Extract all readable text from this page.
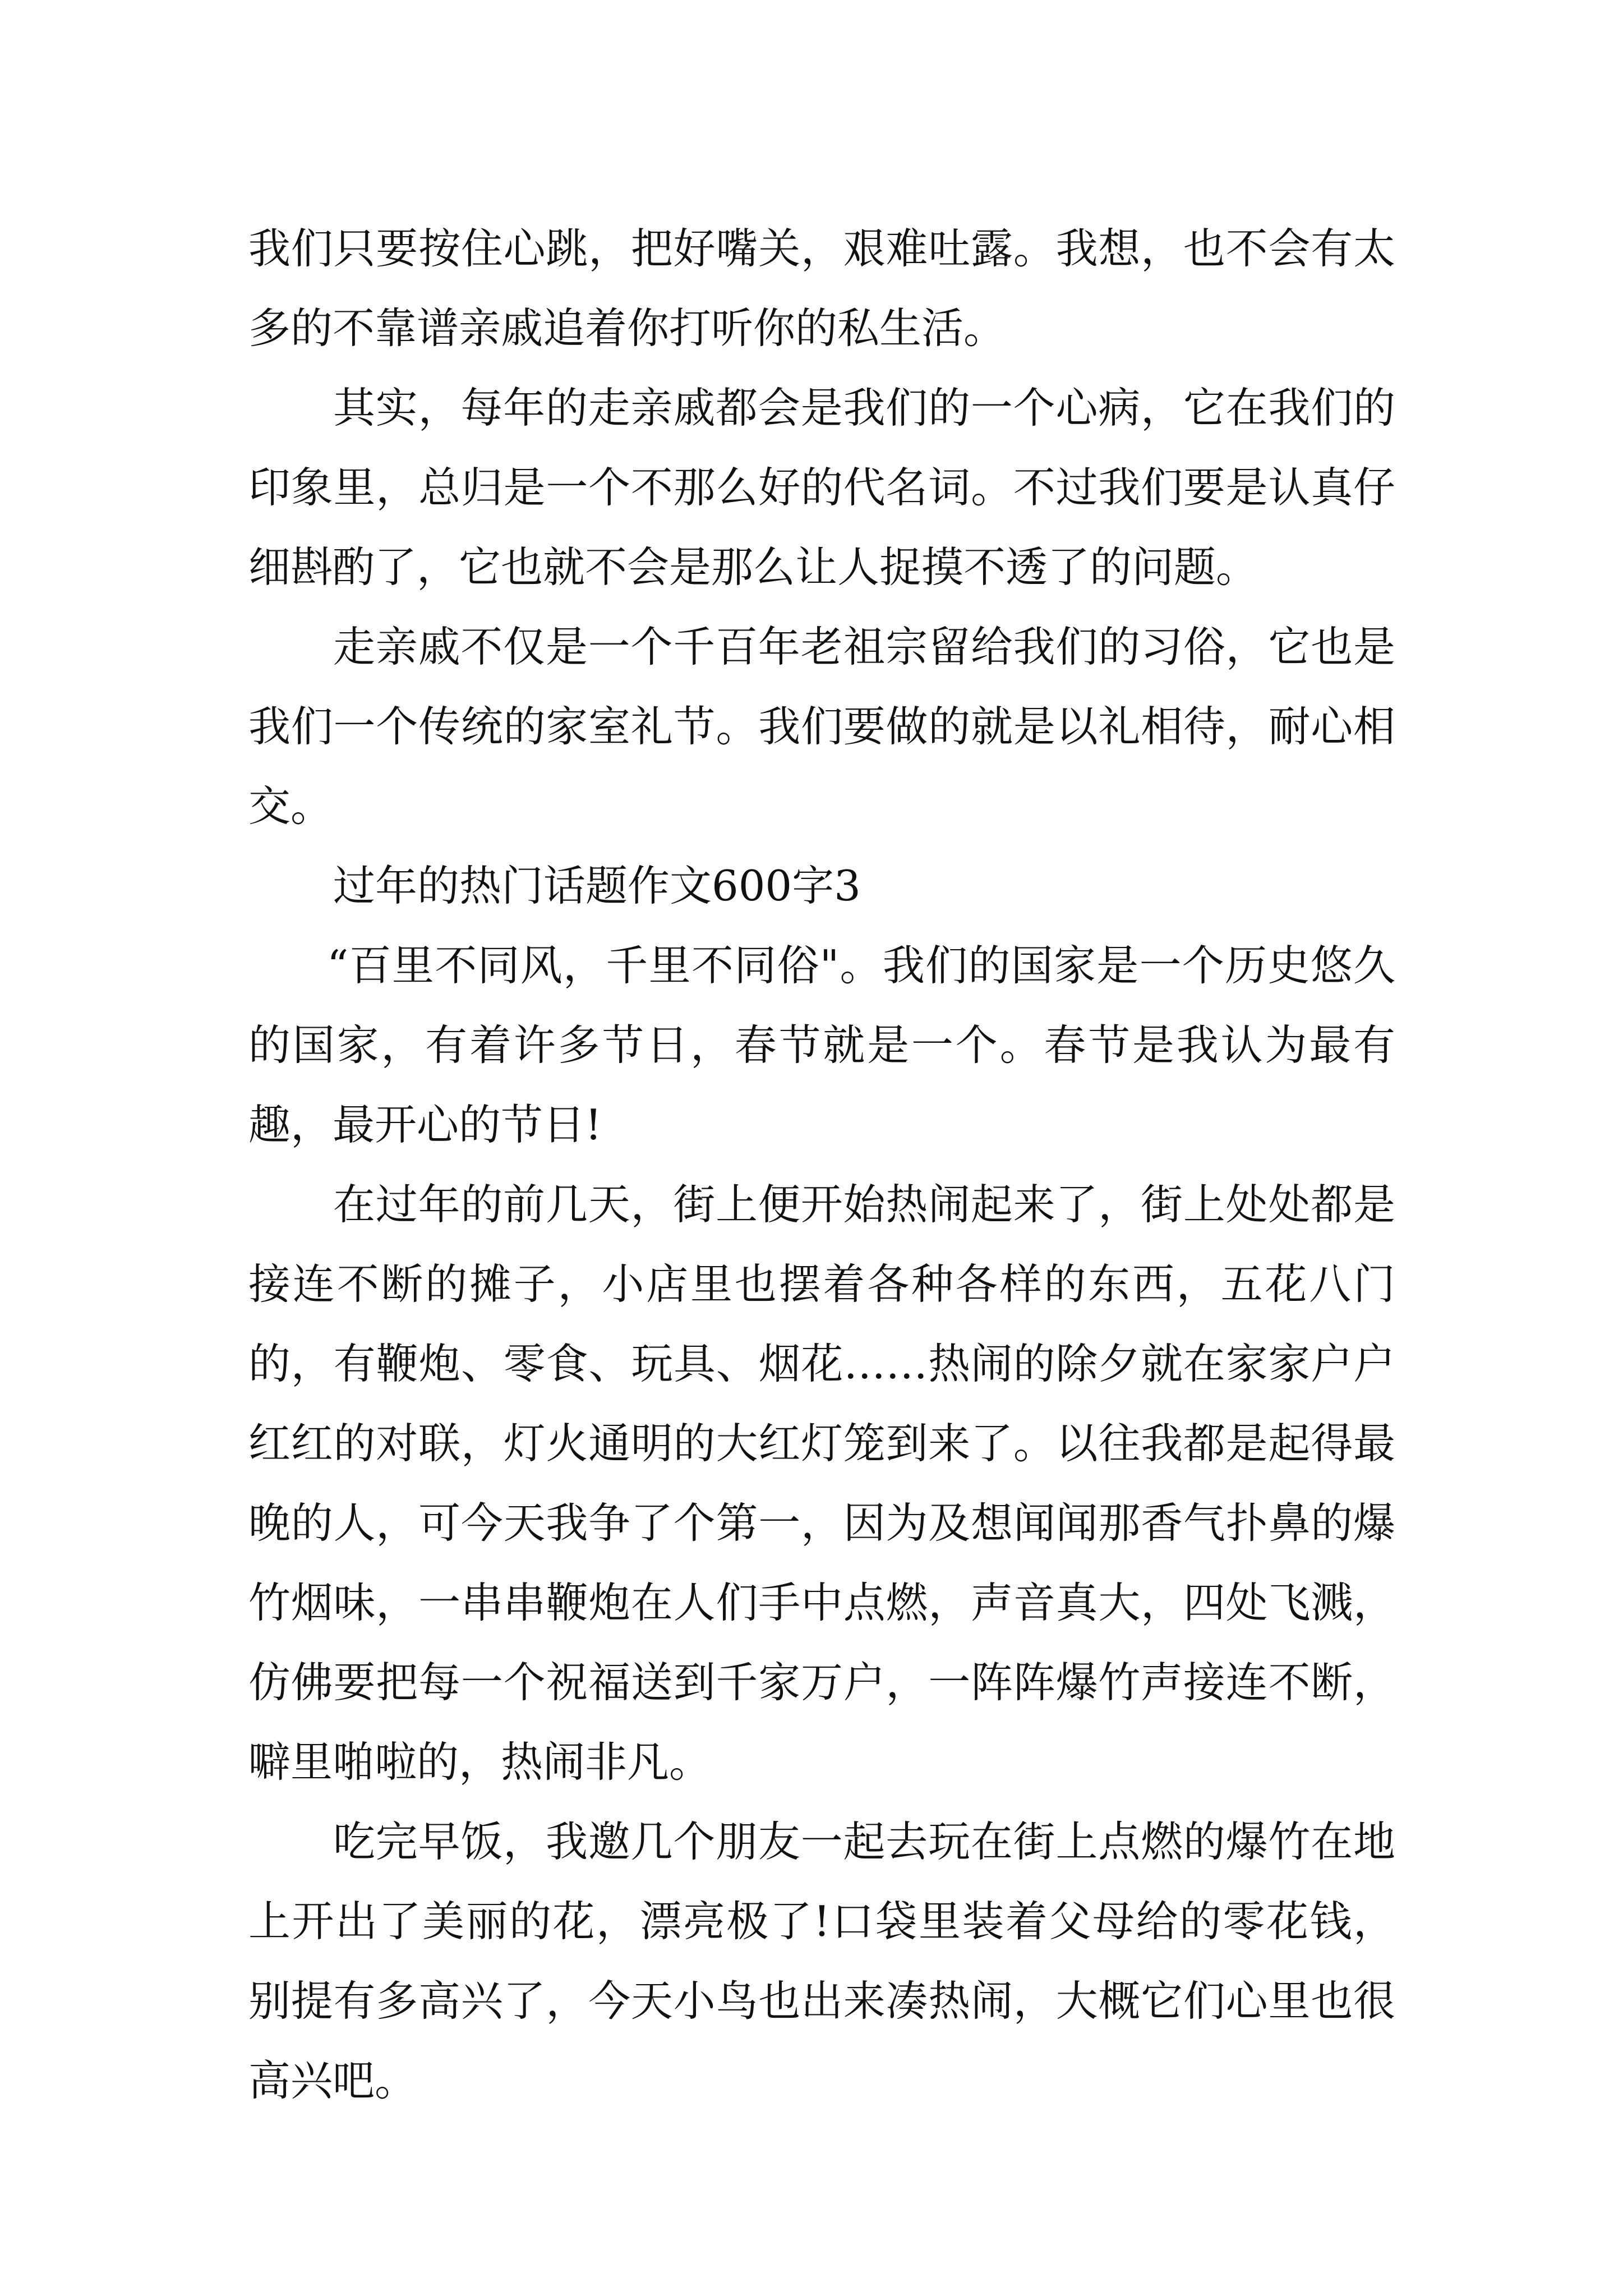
我们只要按住心跳，把好嘴关，艰难吐露。我想，也不会有太多的不靠谱亲戚追着你打听你的私生活。

其实，每年的走亲戚都会是我们的一个心病，它在我们的印象里，总归是一个不那么好的代名词。不过我们要是认真仔细斟酌了，它也就不会是那么让人捉摸不透了的问题。

走亲戚不仅是一个千百年老祖宗留给我们的习俗，它也是我们一个传统的家室礼节。我们要做的就是以礼相待，耐心相交。

过年的热门话题作文600字3

“百里不同风，千里不同俗"。我们的国家是一个历史悠久的国家，有着许多节日，春节就是一个。春节是我认为最有趣，最开心的节日!

在过年的前几天，街上便开始热闹起来了，街上处处都是接连不断的摊子，小店里也摆着各种各样的东西，五花八门的，有鞭炮、零食、玩具、烟花……热闹的除夕就在家家户户红红的对联，灯火通明的大红灯笼到来了。以往我都是起得最晚的人，可今天我争了个第一，因为及想闻闻那香气扑鼻的爆竹烟味，一串串鞭炮在人们手中点燃，声音真大，四处飞溅，仿佛要把每一个祝福送到千家万户，一阵阵爆竹声接连不断，噼里啪啦的，热闹非凡。

吃完早饭，我邀几个朋友一起去玩在街上点燃的爆竹在地上开出了美丽的花，漂亮极了!口袋里装着父母给的零花钱，别提有多高兴了，今天小鸟也出来凑热闹，大概它们心里也很高兴吧。
